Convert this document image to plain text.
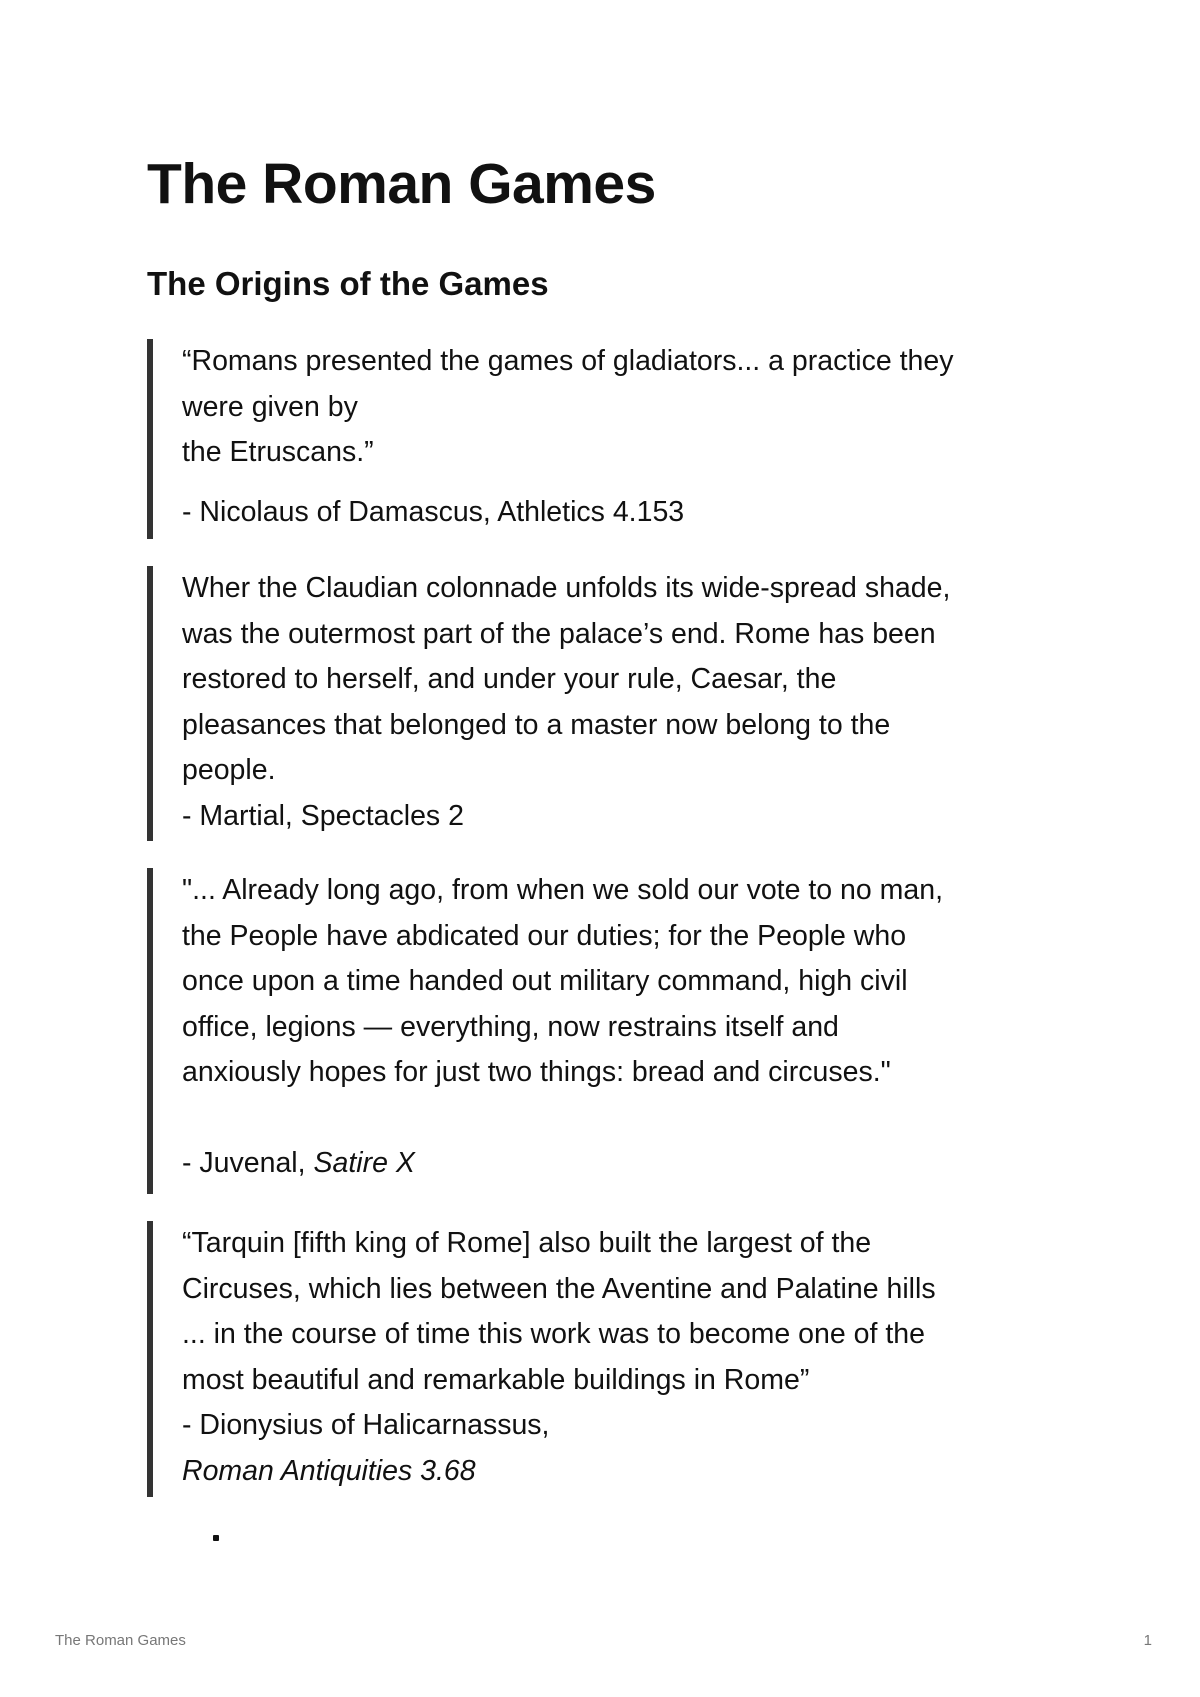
The Roman Games
The Origins of the Games

“Romans presented the games of gladiators... a practice they

were given by

the Etruscans.”

- Nicolaus of Damascus, Athletics 4.153

Wher the Claudian colonnade unfolds its wide-spread shade,

was the outermost part of the palace’s end. Rome has been

restored to herself, and under your rule, Caesar, the

pleasances that belonged to a master now belong to the

people.

- Martial, Spectacles 2

"... Already long ago, from when we sold our vote to no man,

the People have abdicated our duties; for the People who

once upon a time handed out military command, high civil

office, legions — everything, now restrains itself and

anxiously hopes for just two things: bread and circuses."

- Juvenal, Satire X

“Tarquin [fifth king of Rome] also built the largest of the

Circuses, which lies between the Aventine and Palatine hills

... in the course of time this work was to become one of the

most beautiful and remarkable buildings in Rome”

- Dionysius of Halicarnassus,

Roman Antiquities 3.68

The Roman Games	1
